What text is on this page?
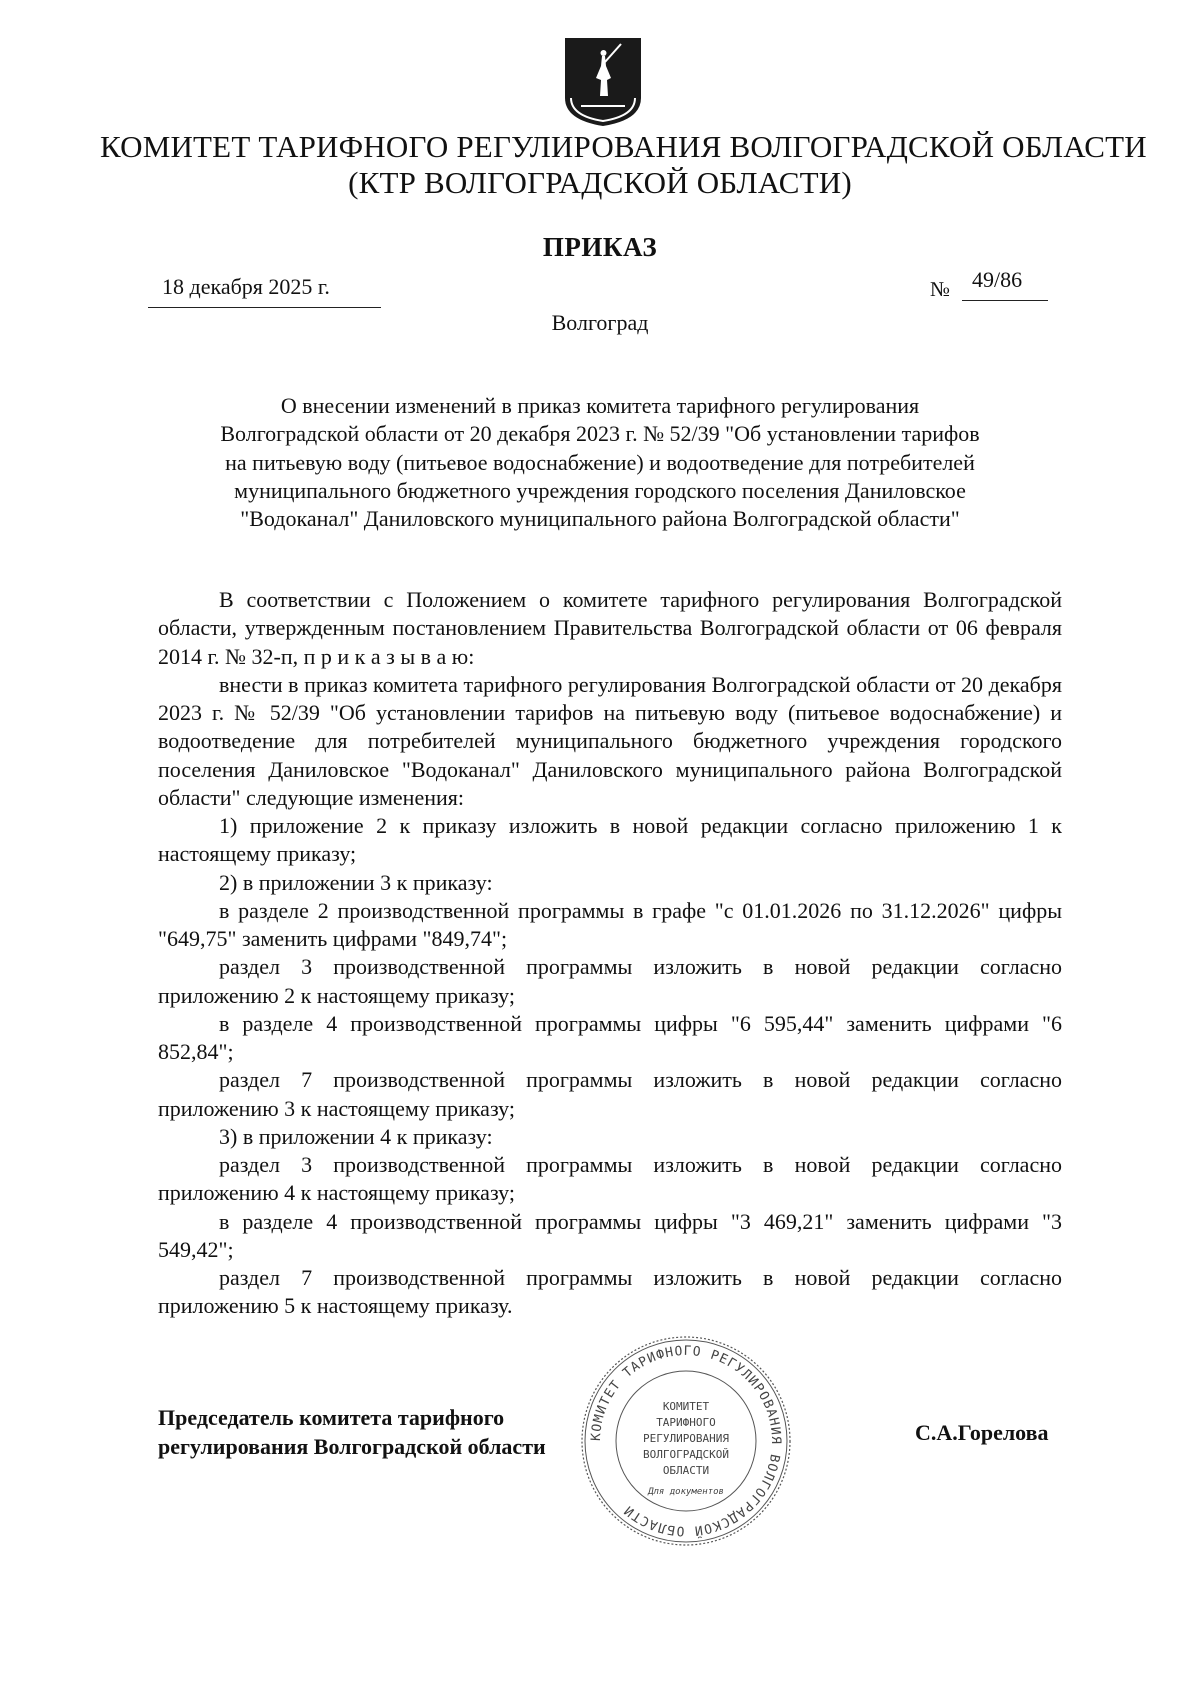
КОМИТЕТ ТАРИФНОГО РЕГУЛИРОВАНИЯ ВОЛГОГРАДСКОЙ ОБЛАСТИ
(КТР ВОЛГОГРАДСКОЙ ОБЛАСТИ)
ПРИКАЗ
18 декабря 2025 г.	№ 49/86
Волгоград
О внесении изменений в приказ комитета тарифного регулирования
Волгоградской области от 20 декабря 2023 г. № 52/39 "Об установлении тарифов
на питьевую воду (питьевое водоснабжение) и водоотведение для потребителей
муниципального бюджетного учреждения городского поселения Даниловское
"Водоканал" Даниловского муниципального района Волгоградской области"

В соответствии с Положением о комитете тарифного регулирования Волгоградской области, утвержденным постановлением Правительства Волгоградской области от 06 февраля 2014 г. № 32-п, п р и к а з ы в а ю:

внести в приказ комитета тарифного регулирования Волгоградской области от 20 декабря 2023 г. № 52/39 "Об установлении тарифов на питьевую воду (питьевое водоснабжение) и водоотведение для потребителей муниципального бюджетного учреждения городского поселения Даниловское "Водоканал" Даниловского муниципального района Волгоградской области" следующие изменения:

1) приложение 2 к приказу изложить в новой редакции согласно приложению 1 к настоящему приказу;

2) в приложении 3 к приказу:

в разделе 2 производственной программы в графе "с 01.01.2026 по 31.12.2026" цифры "649,75" заменить цифрами "849,74";

раздел 3 производственной программы изложить в новой редакции согласно приложению 2 к настоящему приказу;

в разделе 4 производственной программы цифры "6 595,44" заменить цифрами "6 852,84";

раздел 7 производственной программы изложить в новой редакции согласно приложению 3 к настоящему приказу;

3) в приложении 4 к приказу:

раздел 3 производственной программы изложить в новой редакции согласно приложению 4 к настоящему приказу;

в разделе 4 производственной программы цифры "3 469,21" заменить цифрами "3 549,42";

раздел 7 производственной программы изложить в новой редакции согласно приложению 5 к настоящему приказу.

Председатель комитета тарифного
регулирования Волгоградской области	КОМИТЕТ ТАРИФНОГО РЕГУЛИРОВАНИЯ ВОЛГОГРАДСКОЙ ОБЛАСТИ
КОМИТЕТ
ТАРИФНОГО
РЕГУЛИРОВАНИЯ
ВОЛГОГРАДСКОЙ
ОБЛАСТИ
Для документов
С.А.Горелова
